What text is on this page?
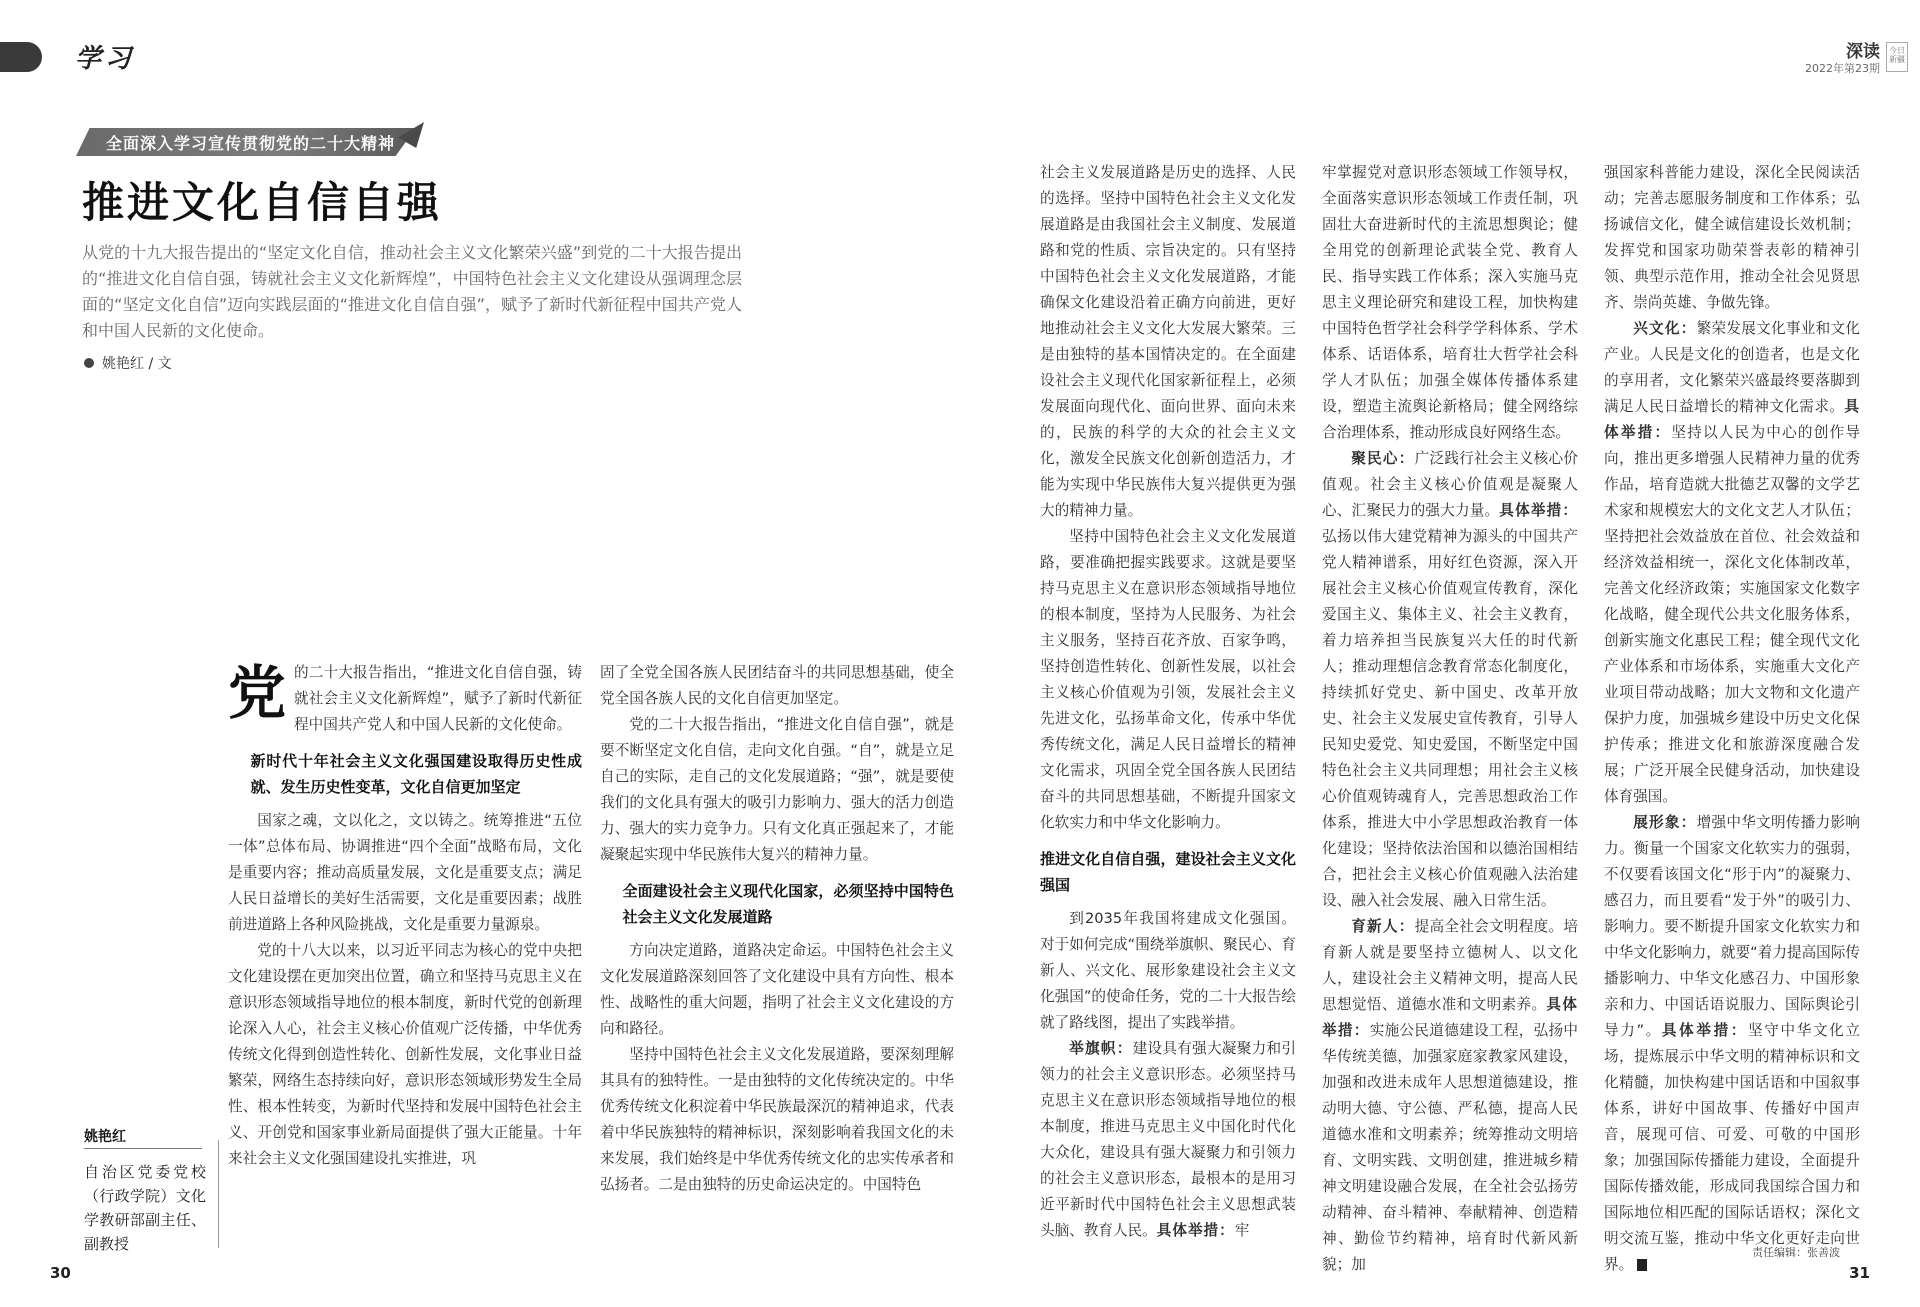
学习	深读
2022年第23期
今日新疆
全面深入学习宣传贯彻党的二十大精神
推进文化自信自强
从党的十九大报告提出的“坚定文化自信，推动社会主义文化繁荣兴盛”到党的二十大报告提出的“推进文化自信自强，铸就社会主义文化新辉煌”，中国特色社会主义文化建设从强调理念层面的“坚定文化自信”迈向实践层面的“推进文化自信自强”，赋予了新时代新征程中国共产党人和中国人民新的文化使命。
姚艳红 / 文

党的二十大报告指出，“推进文化自信自强，铸就社会主义文化新辉煌”，赋予了新时代新征程中国共产党人和中国人民新的文化使命。

新时代十年社会主义文化强国建设取得历史性成就、发生历史性变革，文化自信更加坚定

国家之魂，文以化之，文以铸之。统筹推进“五位一体”总体布局、协调推进“四个全面”战略布局，文化是重要内容；推动高质量发展，文化是重要支点；满足人民日益增长的美好生活需要，文化是重要因素；战胜前进道路上各种风险挑战，文化是重要力量源泉。

党的十八大以来，以习近平同志为核心的党中央把文化建设摆在更加突出位置，确立和坚持马克思主义在意识形态领域指导地位的根本制度，新时代党的创新理论深入人心，社会主义核心价值观广泛传播，中华优秀传统文化得到创造性转化、创新性发展，文化事业日益繁荣，网络生态持续向好，意识形态领域形势发生全局性、根本性转变，为新时代坚持和发展中国特色社会主义、开创党和国家事业新局面提供了强大正能量。十年来社会主义文化强国建设扎实推进，巩

固了全党全国各族人民团结奋斗的共同思想基础，使全党全国各族人民的文化自信更加坚定。

党的二十大报告指出，“推进文化自信自强”，就是要不断坚定文化自信，走向文化自强。“自”，就是立足自己的实际，走自己的文化发展道路；“强”，就是要使我们的文化具有强大的吸引力影响力、强大的活力创造力、强大的实力竞争力。只有文化真正强起来了，才能凝聚起实现中华民族伟大复兴的精神力量。

全面建设社会主义现代化国家，必须坚持中国特色社会主义文化发展道路

方向决定道路，道路决定命运。中国特色社会主义文化发展道路深刻回答了文化建设中具有方向性、根本性、战略性的重大问题，指明了社会主义文化建设的方向和路径。

坚持中国特色社会主义文化发展道路，要深刻理解其具有的独特性。一是由独特的文化传统决定的。中华优秀传统文化积淀着中华民族最深沉的精神追求，代表着中华民族独特的精神标识，深刻影响着我国文化的未来发展，我们始终是中华优秀传统文化的忠实传承者和弘扬者。二是由独特的历史命运决定的。中国特色

社会主义发展道路是历史的选择、人民的选择。坚持中国特色社会主义文化发展道路是由我国社会主义制度、发展道路和党的性质、宗旨决定的。只有坚持中国特色社会主义文化发展道路，才能确保文化建设沿着正确方向前进，更好地推动社会主义文化大发展大繁荣。三是由独特的基本国情决定的。在全面建设社会主义现代化国家新征程上，必须发展面向现代化、面向世界、面向未来的，民族的科学的大众的社会主义文化，激发全民族文化创新创造活力，才能为实现中华民族伟大复兴提供更为强大的精神力量。

坚持中国特色社会主义文化发展道路，要准确把握实践要求。这就是要坚持马克思主义在意识形态领域指导地位的根本制度，坚持为人民服务、为社会主义服务，坚持百花齐放、百家争鸣，坚持创造性转化、创新性发展，以社会主义核心价值观为引领，发展社会主义先进文化，弘扬革命文化，传承中华优秀传统文化，满足人民日益增长的精神文化需求，巩固全党全国各族人民团结奋斗的共同思想基础，不断提升国家文化软实力和中华文化影响力。

推进文化自信自强，建设社会主义文化强国

到2035年我国将建成文化强国。对于如何完成“围绕举旗帜、聚民心、育新人、兴文化、展形象建设社会主义文化强国”的使命任务，党的二十大报告绘就了路线图，提出了实践举措。

举旗帜：建设具有强大凝聚力和引领力的社会主义意识形态。必须坚持马克思主义在意识形态领域指导地位的根本制度，推进马克思主义中国化时代化大众化，建设具有强大凝聚力和引领力的社会主义意识形态，最根本的是用习近平新时代中国特色社会主义思想武装头脑、教育人民。具体举措：牢

牢掌握党对意识形态领域工作领导权，全面落实意识形态领域工作责任制，巩固壮大奋进新时代的主流思想舆论；健全用党的创新理论武装全党、教育人民、指导实践工作体系；深入实施马克思主义理论研究和建设工程，加快构建中国特色哲学社会科学学科体系、学术体系、话语体系，培育壮大哲学社会科学人才队伍；加强全媒体传播体系建设，塑造主流舆论新格局；健全网络综合治理体系，推动形成良好网络生态。

聚民心：广泛践行社会主义核心价值观。社会主义核心价值观是凝聚人心、汇聚民力的强大力量。具体举措：弘扬以伟大建党精神为源头的中国共产党人精神谱系，用好红色资源，深入开展社会主义核心价值观宣传教育，深化爱国主义、集体主义、社会主义教育，着力培养担当民族复兴大任的时代新人；推动理想信念教育常态化制度化，持续抓好党史、新中国史、改革开放史、社会主义发展史宣传教育，引导人民知史爱党、知史爱国，不断坚定中国特色社会主义共同理想；用社会主义核心价值观铸魂育人，完善思想政治工作体系，推进大中小学思想政治教育一体化建设；坚持依法治国和以德治国相结合，把社会主义核心价值观融入法治建设、融入社会发展、融入日常生活。

育新人：提高全社会文明程度。培育新人就是要坚持立德树人、以文化人，建设社会主义精神文明，提高人民思想觉悟、道德水准和文明素养。具体举措：实施公民道德建设工程，弘扬中华传统美德，加强家庭家教家风建设，加强和改进未成年人思想道德建设，推动明大德、守公德、严私德，提高人民道德水准和文明素养；统筹推动文明培育、文明实践、文明创建，推进城乡精神文明建设融合发展，在全社会弘扬劳动精神、奋斗精神、奉献精神、创造精神、勤俭节约精神，培育时代新风新貌；加

强国家科普能力建设，深化全民阅读活动；完善志愿服务制度和工作体系；弘扬诚信文化，健全诚信建设长效机制；发挥党和国家功勋荣誉表彰的精神引领、典型示范作用，推动全社会见贤思齐、崇尚英雄、争做先锋。

兴文化：繁荣发展文化事业和文化产业。人民是文化的创造者，也是文化的享用者，文化繁荣兴盛最终要落脚到满足人民日益增长的精神文化需求。具体举措：坚持以人民为中心的创作导向，推出更多增强人民精神力量的优秀作品，培育造就大批德艺双馨的文学艺术家和规模宏大的文化文艺人才队伍；坚持把社会效益放在首位、社会效益和经济效益相统一，深化文化体制改革，完善文化经济政策；实施国家文化数字化战略，健全现代公共文化服务体系，创新实施文化惠民工程；健全现代文化产业体系和市场体系，实施重大文化产业项目带动战略；加大文物和文化遗产保护力度，加强城乡建设中历史文化保护传承；推进文化和旅游深度融合发展；广泛开展全民健身活动，加快建设体育强国。

展形象：增强中华文明传播力影响力。衡量一个国家文化软实力的强弱，不仅要看该国文化“形于内”的凝聚力、感召力，而且要看“发于外”的吸引力、影响力。要不断提升国家文化软实力和中华文化影响力，就要“着力提高国际传播影响力、中华文化感召力、中国形象亲和力、中国话语说服力、国际舆论引导力”。具体举措：坚守中华文化立场，提炼展示中华文明的精神标识和文化精髓，加快构建中国话语和中国叙事体系，讲好中国故事、传播好中国声音，展现可信、可爱、可敬的中国形象；加强国际传播能力建设，全面提升国际传播效能，形成同我国综合国力和国际地位相匹配的国际话语权；深化文明交流互鉴，推动中华文化更好走向世界。

姚艳红
自治区党委党校（行政学院）文化学教研部副主任、副教授
30
责任编辑：张善波
31
